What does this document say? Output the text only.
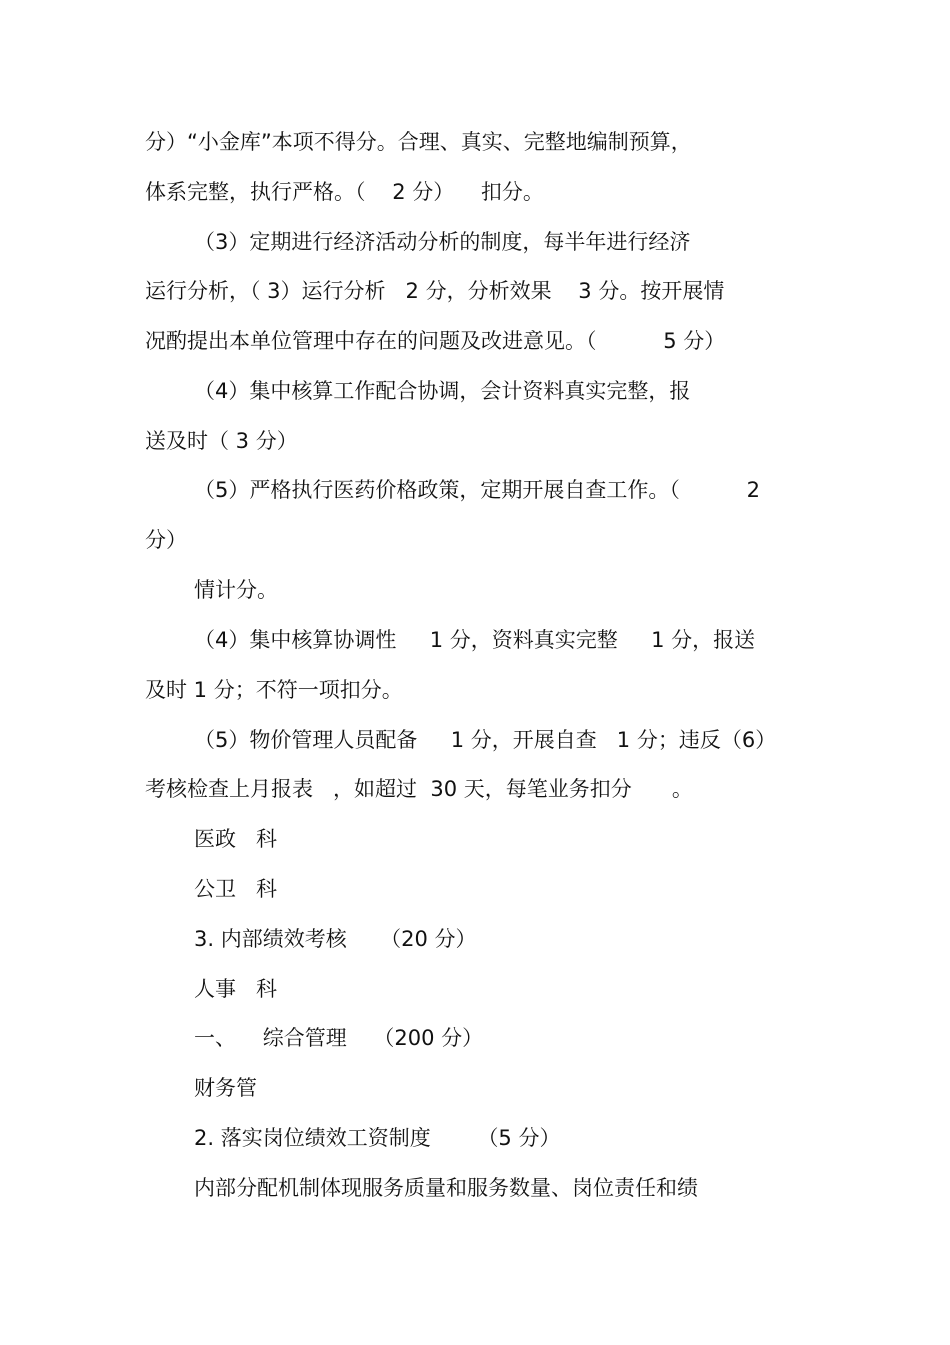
分）“小金库”本项不得分。合理、真实、完整地编制预算，
体系完整，执行严格。（    2 分）    扣分。
（3）定期进行经济活动分析的制度，每半年进行经济
运行分析，（ 3）运行分析   2 分，分析效果    3 分。按开展情
况酌提出本单位管理中存在的问题及改进意见。（          5 分）
（4）集中核算工作配合协调，会计资料真实完整，报
送及时（ 3 分）
（5）严格执行医药价格政策，定期开展自查工作。（          2
分）
情计分。
（4）集中核算协调性     1 分，资料真实完整     1 分，报送
及时 1 分；不符一项扣分。
（5）物价管理人员配备     1 分，开展自查   1 分；违反（6）
考核检查上月报表   ，如超过  30 天，每笔业务扣分      。
医政   科
公卫   科
3. 内部绩效考核     （20 分）
人事   科
一、    综合管理    （200 分）
财务管
2. 落实岗位绩效工资制度       （5 分）
内部分配机制体现服务质量和服务数量、岗位责任和绩
